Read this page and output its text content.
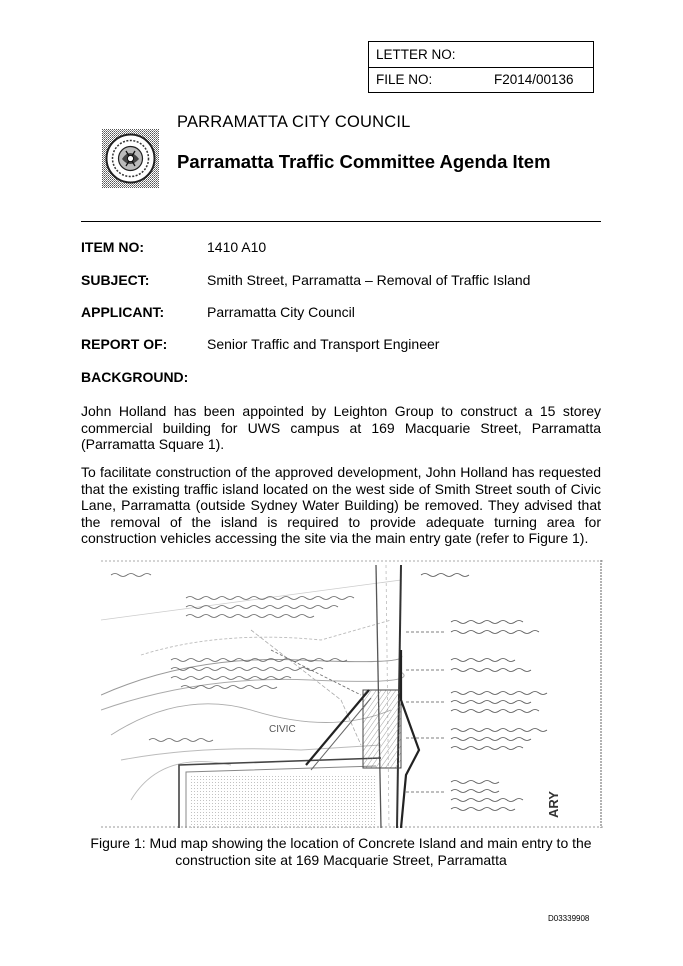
LETTER NO:
FILE NO:	F2014/00136
PARRAMATTA CITY COUNCIL
Parramatta Traffic Committee Agenda Item
ITEM NO:	1410 A10
SUBJECT:	Smith Street, Parramatta – Removal of Traffic Island
APPLICANT:	Parramatta City Council
REPORT OF:	Senior Traffic and Transport Engineer
BACKGROUND:
John Holland has been appointed by Leighton Group to construct a 15 storey commercial building for UWS campus at 169 Macquarie Street, Parramatta (Parramatta Square 1).
To facilitate construction of the approved development, John Holland has requested that the existing traffic island located on the west side of Smith Street south of Civic Lane, Parramatta (outside Sydney Water Building) be removed. They advised that the removal of the island is required to provide adequate turning area for construction vehicles accessing the site via the main entry gate (refer to Figure 1).
CIVIC
ARY
Figure 1: Mud map showing the location of Concrete Island and main entry to the
construction site at 169 Macquarie Street, Parramatta
D03339908
